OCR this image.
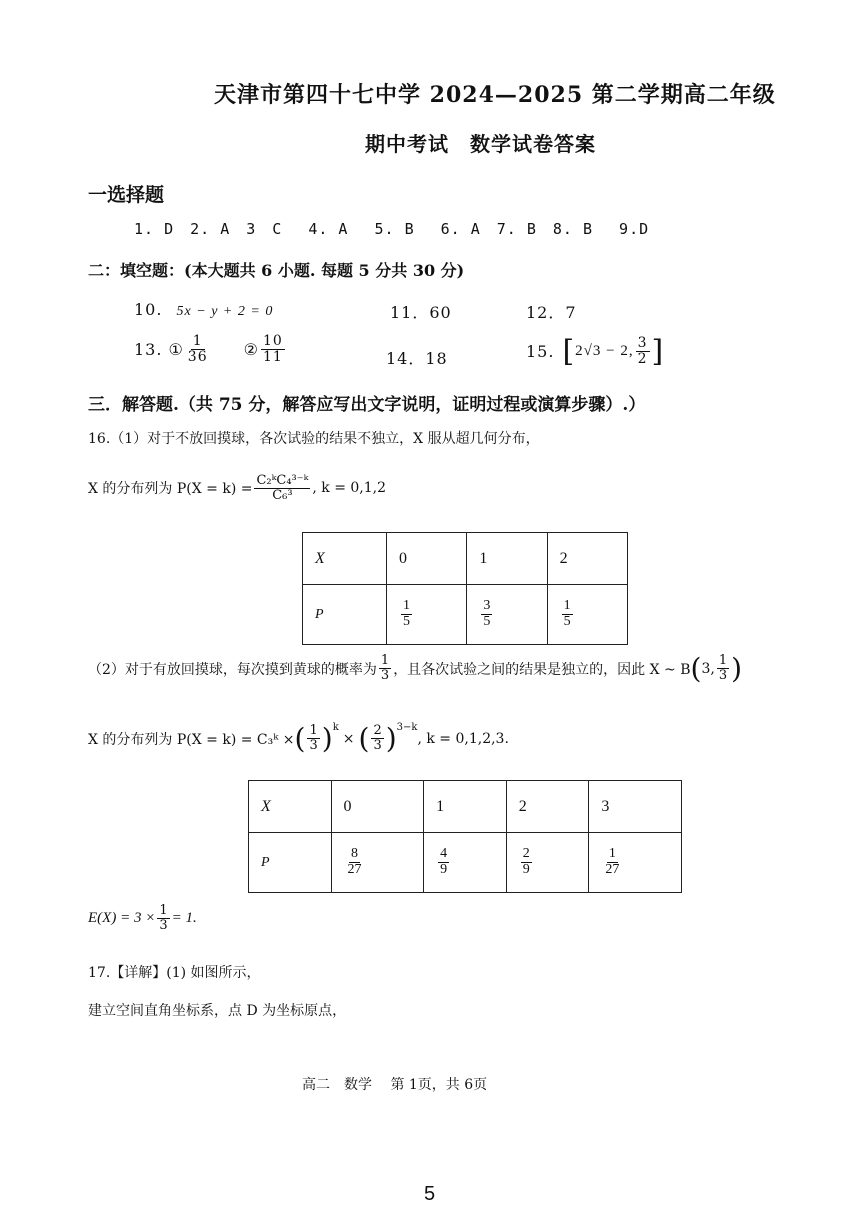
天津市第四十七中学 2024—2025 第二学期高二年级
期中考试　数学试卷答案
一选择题
1. D　2. A　3　C　 4. A　 5. B　 6. A　7. B　8. B　 9.D
二：填空题：(本大题共 6 小题. 每题 5 分共 30 分)
10. 5x − y + 2 = 0	11．60	12．7
13. ① $\frac{1}{36}$ ② $\frac{10}{11}$	14．18	15. [ 2√3 − 2, $\frac{3}{2}$ ]
三．解答题.（共 75 分，解答应写出文字说明，证明过程或演算步骤）.）
16.（1）对于不放回摸球，各次试验的结果不独立，X 服从超几何分布，
X 的分布列为 $P(X = k) = \frac{\text{C₂ᵏC₄³⁻ᵏ}}{\text{C₆³}}$ , k = 0,1,2
X	0	1	2
P	$\frac{1}{5}$	$\frac{3}{5}$	$\frac{1}{5}$
（2）对于有放回摸球，每次摸到黄球的概率为 $\frac{1}{3}$ ，且各次试验之间的结果是独立的，因此 X ~ B ( 3, $\frac{1}{3}$ )
X 的分布列为 P(X = k) = C₃ᵏ × ( $\frac{1}{3} )^k$
× ( $\frac{2}{3} )^{3-k}$
, k = 0,1,2,3.
X	0	1	2	3
P	$\frac{8}{27}$	$\frac{4}{9}$	$\frac{2}{9}$	$\frac{1}{27}$
$E(X) = 3 \times \frac{1}{3} = 1$.
17.【详解】(1) 如图所示，
建立空间直角坐标系，点 D 为坐标原点，
高二　数学　 第 1页，共 6页
5
